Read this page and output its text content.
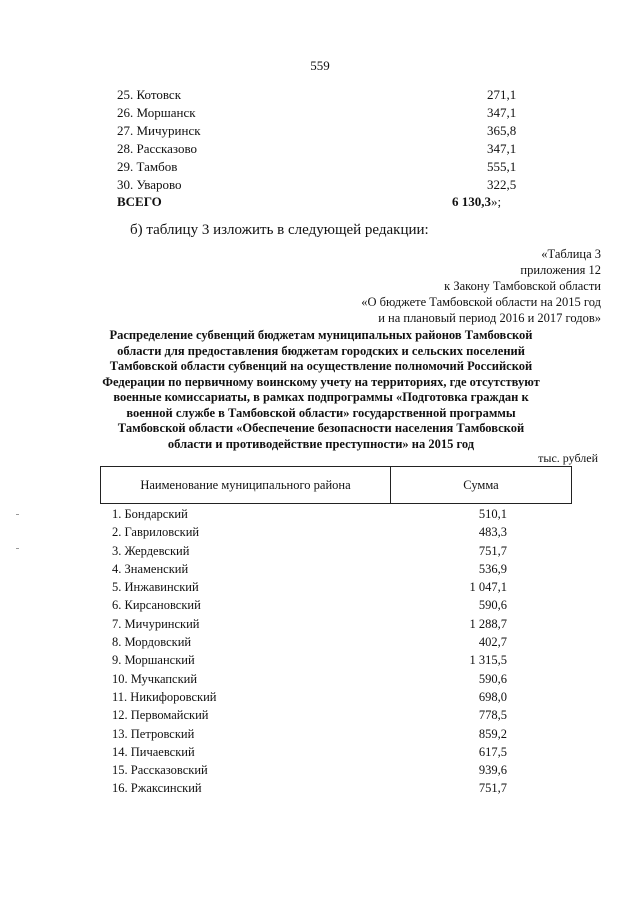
559
25. Котовск	271,1
26. Моршанск	347,1
27. Мичуринск	365,8
28. Рассказово	347,1
29. Тамбов	555,1
30. Уварово	322,5
ВСЕГО	6 130,3»;
б) таблицу 3 изложить в следующей редакции:
«Таблица 3
приложения 12
к Закону Тамбовской области
«О бюджете Тамбовской области на 2015 год
и на плановый период 2016 и 2017 годов»
Распределение субвенций бюджетам муниципальных районов Тамбовской
области для предоставления бюджетам городских и сельских поселений
Тамбовской области субвенций на осуществление полномочий Российской
Федерации по первичному воинскому учету на территориях, где отсутствуют
военные комиссариаты, в рамках подпрограммы «Подготовка граждан к
военной службе в Тамбовской области» государственной программы
Тамбовской области «Обеспечение безопасности населения Тамбовской
области и противодействие преступности» на 2015 год
тыс. рублей
Наименование муниципального района	Сумма
1. Бондарский	510,1
2. Гавриловский	483,3
3. Жердевский	751,7
4. Знаменский	536,9
5. Инжавинский	1 047,1
6. Кирсановский	590,6
7. Мичуринский	1 288,7
8. Мордовский	402,7
9. Моршанский	1 315,5
10. Мучкапский	590,6
11. Никифоровский	698,0
12. Первомайский	778,5
13. Петровский	859,2
14. Пичаевский	617,5
15. Рассказовский	939,6
16. Ржаксинский	751,7
